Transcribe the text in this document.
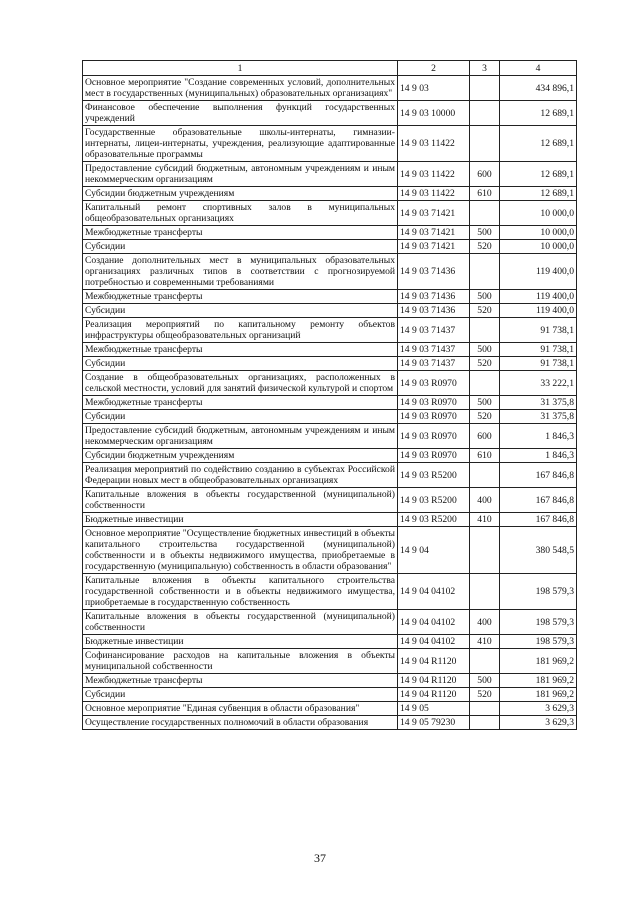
1	2	3	4
Основное мероприятие "Создание современных условий, дополнительных мест в государственных (муниципальных) образовательных организациях"	14 9 03		434 896,1
Финансовое обеспечение выполнения функций государственных учреждений	14 9 03 10000		12 689,1
Государственные образовательные школы-интернаты, гимназии-интернаты, лицеи-интернаты, учреждения, реализующие адаптированные образовательные программы	14 9 03 11422		12 689,1
Предоставление субсидий бюджетным, автономным учреждениям и иным некоммерческим организациям	14 9 03 11422	600	12 689,1
Субсидии бюджетным учреждениям	14 9 03 11422	610	12 689,1
Капитальный ремонт спортивных залов в муниципальных общеобразовательных организациях	14 9 03 71421		10 000,0
Межбюджетные трансферты	14 9 03 71421	500	10 000,0
Субсидии	14 9 03 71421	520	10 000,0
Создание дополнительных мест в муниципальных образовательных организациях различных типов в соответствии с прогнозируемой потребностью и современными требованиями	14 9 03 71436		119 400,0
Межбюджетные трансферты	14 9 03 71436	500	119 400,0
Субсидии	14 9 03 71436	520	119 400,0
Реализация мероприятий по капитальному ремонту объектов инфраструктуры общеобразовательных организаций	14 9 03 71437		91 738,1
Межбюджетные трансферты	14 9 03 71437	500	91 738,1
Субсидии	14 9 03 71437	520	91 738,1
Создание в общеобразовательных организациях, расположенных в сельской местности, условий для занятий физической культурой и спортом	14 9 03 R0970		33 222,1
Межбюджетные трансферты	14 9 03 R0970	500	31 375,8
Субсидии	14 9 03 R0970	520	31 375,8
Предоставление субсидий бюджетным, автономным учреждениям и иным некоммерческим организациям	14 9 03 R0970	600	1 846,3
Субсидии бюджетным учреждениям	14 9 03 R0970	610	1 846,3
Реализация мероприятий по содействию созданию в субъектах Российской Федерации новых мест в общеобразовательных организациях	14 9 03 R5200		167 846,8
Капитальные вложения в объекты государственной (муниципальной) собственности	14 9 03 R5200	400	167 846,8
Бюджетные инвестиции	14 9 03 R5200	410	167 846,8
Основное мероприятие "Осуществление бюджетных инвестиций в объекты капитального строительства государственной (муниципальной) собственности и в объекты недвижимого имущества, приобретаемые в государственную (муниципальную) собственность в области образования"	14 9 04		380 548,5
Капитальные вложения в объекты капитального строительства государственной собственности и в объекты недвижимого имущества, приобретаемые в государственную собственность	14 9 04 04102		198 579,3
Капитальные вложения в объекты государственной (муниципальной) собственности	14 9 04 04102	400	198 579,3
Бюджетные инвестиции	14 9 04 04102	410	198 579,3
Софинансирование расходов на капитальные вложения в объекты муниципальной собственности	14 9 04 R1120		181 969,2
Межбюджетные трансферты	14 9 04 R1120	500	181 969,2
Субсидии	14 9 04 R1120	520	181 969,2
Основное мероприятие "Единая субвенция в области образования"	14 9 05		3 629,3
Осуществление государственных полномочий в области образования	14 9 05 79230		3 629,3
37
